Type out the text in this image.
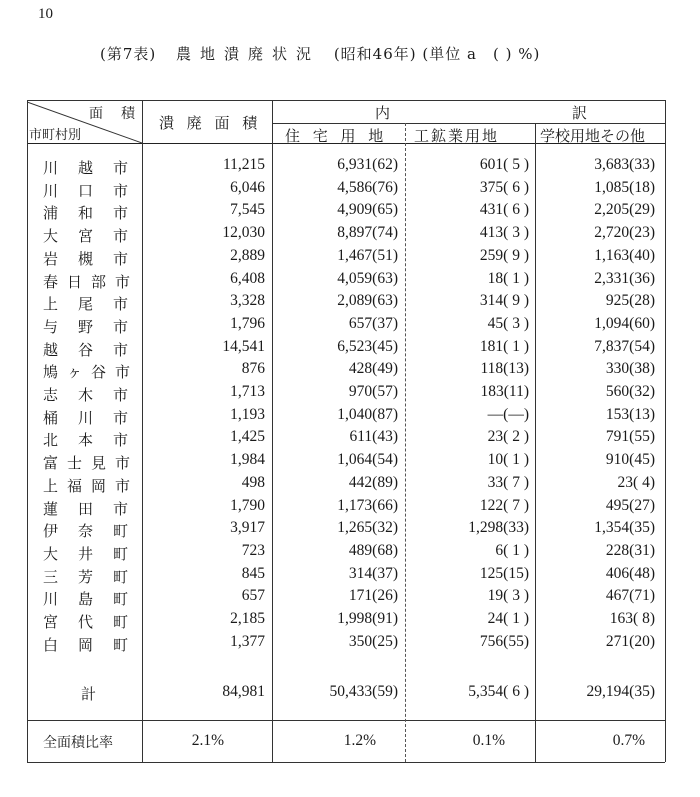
10
(第7表) 農地潰廃状況 (昭和46年) (単位 a　( ) %)
面　積
市町村別
潰 廃 面 積
内	訳
住 宅 用 地 工鉱業用地	学校用地その他
川 越 市	11,215	6,931(62)	601( 5 )	3,683(33)
川 口 市	6,046	4,586(76)	375( 6 )	1,085(18)
浦 和 市	7,545	4,909(65)	431( 6 )	2,205(29)
大 宮 市	12,030	8,897(74)	413( 3 )	2,720(23)
岩 槻 市	2,889	1,467(51)	259( 9 )	1,163(40)
春 日 部 市	6,408	4,059(63)	18( 1 )	2,331(36)
上 尾 市	3,328	2,089(63)	314( 9 )	925(28)
与 野 市	1,796	657(37)	45( 3 )	1,094(60)
越 谷 市	14,541	6,523(45)	181( 1 )	7,837(54)
鳩 ヶ 谷 市	876	428(49)	118(13)	330(38)
志 木 市	1,713	970(57)	183(11)	560(32)
桶 川 市	1,193	1,040(87)	—(—)	153(13)
北 本 市	1,425	611(43)	23( 2 )	791(55)
富 士 見 市	1,984	1,064(54)	10( 1 )	910(45)
上 福 岡 市	498	442(89)	33( 7 )	23( 4)
蓮 田 市	1,790	1,173(66)	122( 7 )	495(27)
伊 奈 町	3,917	1,265(32)	1,298(33)	1,354(35)
大 井 町	723	489(68)	6( 1 )	228(31)
三 芳 町	845	314(37)	125(15)	406(48)
川 島 町	657	171(26)	19( 3 )	467(71)
宮 代 町	2,185	1,998(91)	24( 1 )	163( 8)
白 岡 町	1,377	350(25)	756(55)	271(20)
計	84,981	50,433(59)	5,354( 6 )	29,194(35)
全面積比率	2.1%	1.2%	0.1%	0.7%
